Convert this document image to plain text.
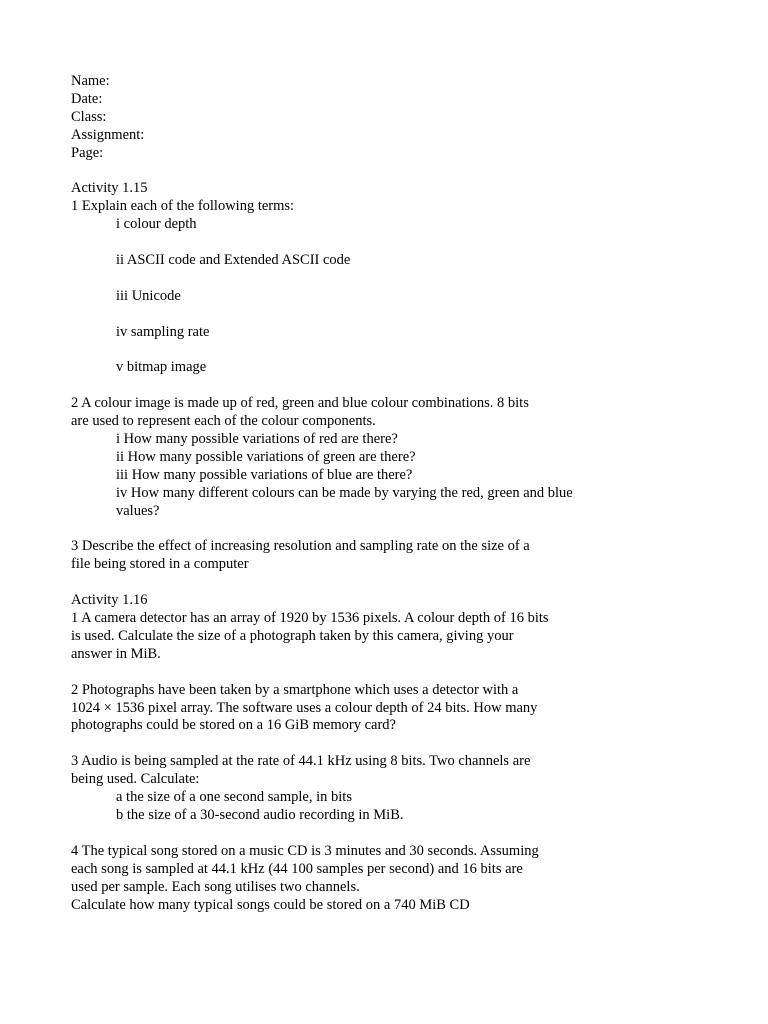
Name:
Date:
Class:
Assignment:
Page:
Activity 1.15
1 Explain each of the following terms:
i colour depth
ii ASCII code and Extended ASCII code
iii Unicode
iv sampling rate
v bitmap image
2 A colour image is made up of red, green and blue colour combinations. 8 bits
are used to represent each of the colour components.
i How many possible variations of red are there?
ii How many possible variations of green are there?
iii How many possible variations of blue are there?
iv How many different colours can be made by varying the red, green and blue
values?
3 Describe the effect of increasing resolution and sampling rate on the size of a
file being stored in a computer
Activity 1.16
1 A camera detector has an array of 1920 by 1536 pixels. A colour depth of 16 bits
is used. Calculate the size of a photograph taken by this camera, giving your
answer in MiB.
2 Photographs have been taken by a smartphone which uses a detector with a
1024 × 1536 pixel array. The software uses a colour depth of 24 bits. How many
photographs could be stored on a 16 GiB memory card?
3 Audio is being sampled at the rate of 44.1 kHz using 8 bits. Two channels are
being used. Calculate:
a the size of a one second sample, in bits
b the size of a 30-second audio recording in MiB.
4 The typical song stored on a music CD is 3 minutes and 30 seconds. Assuming
each song is sampled at 44.1 kHz (44 100 samples per second) and 16 bits are
used per sample. Each song utilises two channels.
Calculate how many typical songs could be stored on a 740 MiB CD
